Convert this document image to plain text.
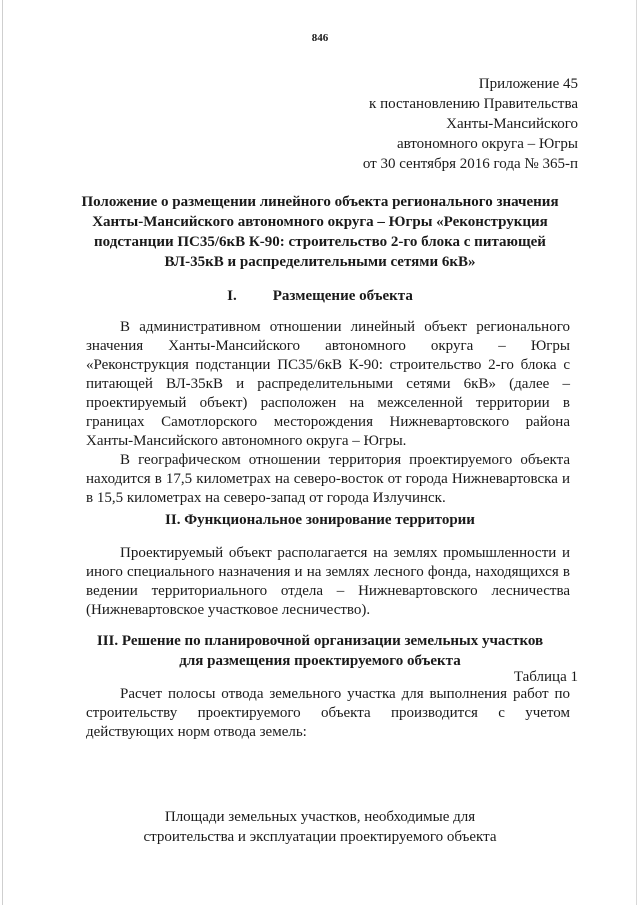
846
Приложение 45
к постановлению Правительства
Ханты-Мансийского
автономного округа – Югры
от 30 сентября 2016 года № 365-п
Положение о размещении линейного объекта регионального значения
Ханты-Мансийского автономного округа – Югры «Реконструкция
подстанции ПС35/6кВ К-90: строительство 2-го блока с питающей
ВЛ-35кВ и распределительными сетями 6кВ»
I. Размещение объекта
В административном отношении линейный объект регионального
значения Ханты-Мансийского автономного округа – Югры
«Реконструкция подстанции ПС35/6кВ К-90: строительство 2-го блока с
питающей ВЛ-35кВ и распределительными сетями 6кВ» (далее –
проектируемый объект) расположен на межселенной территории в
границах Самотлорского месторождения Нижневартовского района
Ханты-Мансийского автономного округа – Югры.
В географическом отношении территория проектируемого объекта
находится в 17,5 километрах на северо-восток от города Нижневартовска и
в 15,5 километрах на северо-запад от города Излучинск.
II. Функциональное зонирование территории
Проектируемый объект располагается на землях промышленности и
иного специального назначения и на землях лесного фонда, находящихся в
ведении территориального отдела – Нижневартовского лесничества
(Нижневартовское участковое лесничество).
III. Решение по планировочной организации земельных участков
для размещения проектируемого объекта
Расчет полосы отвода земельного участка для выполнения работ по
строительству проектируемого объекта производится с учетом
действующих норм отвода земель:
Таблица 1
Площади земельных участков, необходимые для
строительства и эксплуатации проектируемого объекта
